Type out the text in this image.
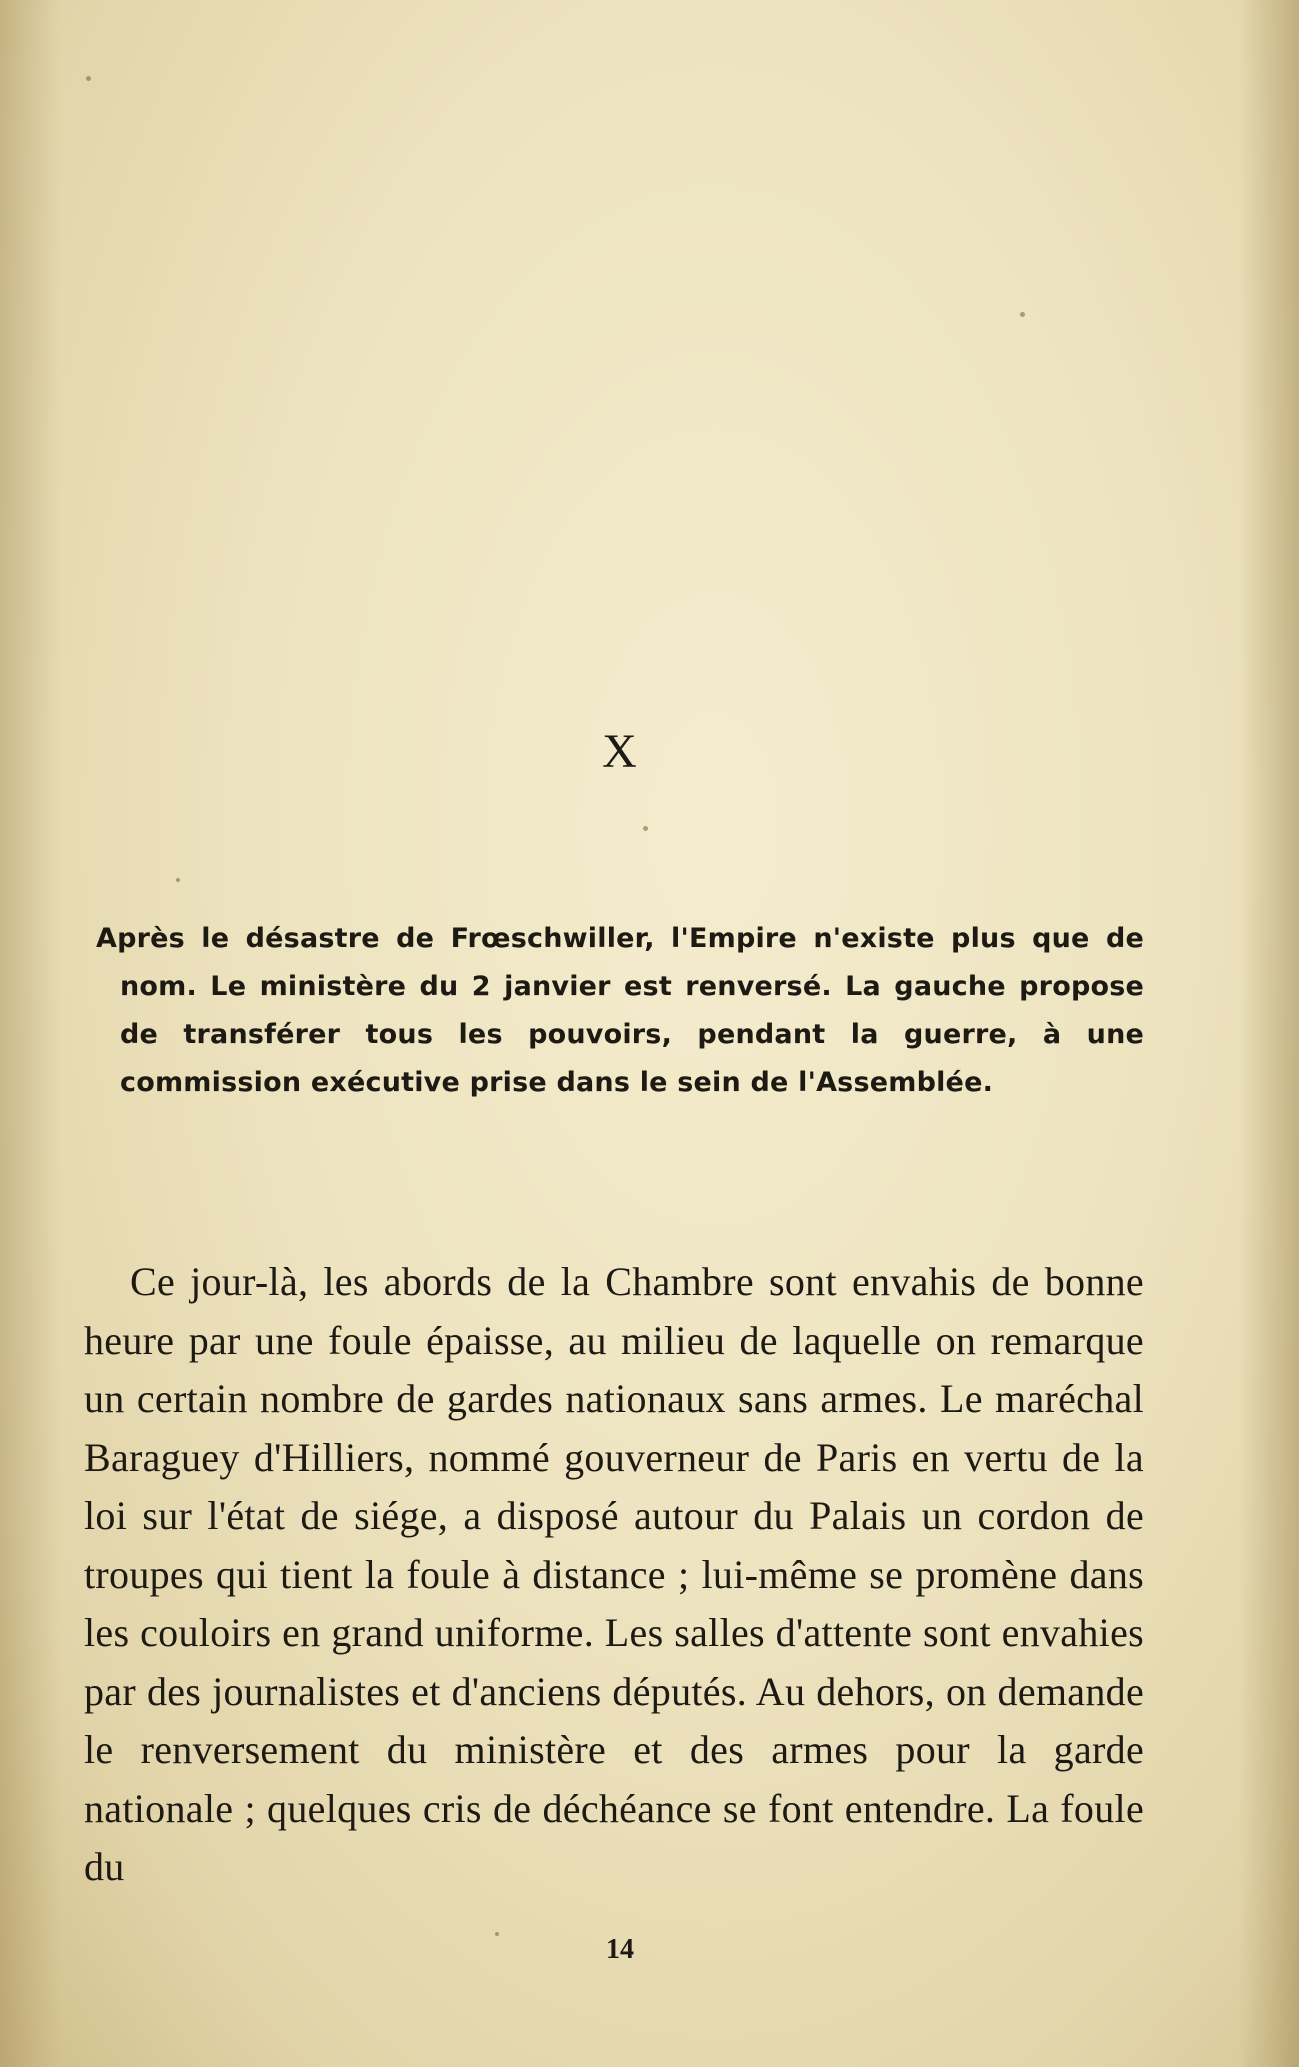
X

Après le désastre de Frœschwiller, l'Empire n'existe plus que de nom. Le ministère du 2 janvier est renversé. La gauche propose de transférer tous les pouvoirs, pendant la guerre, à une commission exécutive prise dans le sein de l'Assemblée.

Ce jour-là, les abords de la Chambre sont envahis de bonne heure par une foule épaisse, au milieu de laquelle on remarque un certain nombre de gardes nationaux sans armes. Le maréchal Baraguey d'Hilliers, nommé gouverneur de Paris en vertu de la loi sur l'état de siége, a disposé autour du Palais un cordon de troupes qui tient la foule à distance ; lui-même se promène dans les couloirs en grand uniforme. Les salles d'attente sont envahies par des journalistes et d'anciens députés. Au dehors, on demande le renversement du ministère et des armes pour la garde nationale ; quelques cris de déchéance se font entendre. La foule du

14
